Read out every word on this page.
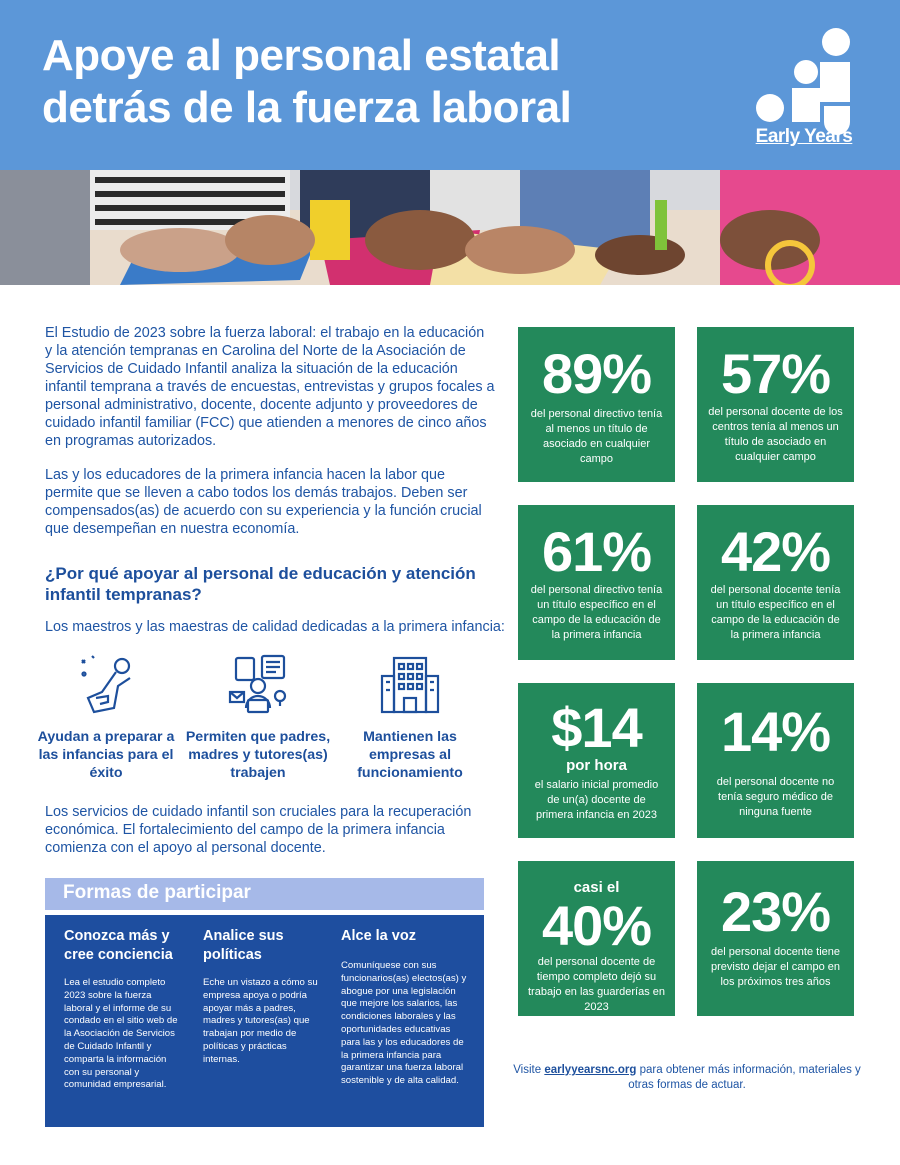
Apoye al personal estatal detrás de la fuerza laboral
Early Years

El Estudio de 2023 sobre la fuerza laboral: el trabajo en la educación y la atención tempranas en Carolina del Norte de la Asociación de Servicios de Cuidado Infantil analiza la situación de la educación infantil temprana a través de encuestas, entrevistas y grupos focales a personal administrativo, docente, docente adjunto y proveedores de cuidado infantil familiar (FCC) que atienden a menores de cinco años en programas autorizados.

Las y los educadores de la primera infancia hacen la labor que permite que se lleven a cabo todos los demás trabajos. Deben ser compensados(as) de acuerdo con su experiencia y la función crucial que desempeñan en nuestra economía.

¿Por qué apoyar al personal de educación y atención infantil tempranas?

Los maestros y las maestras de calidad dedicadas a la primera infancia:

Ayudan a preparar a las infancias para el éxito
Permiten que padres, madres y tutores(as) trabajen
Mantienen las empresas al funcionamiento

Los servicios de cuidado infantil son cruciales para la recuperación económica. El fortalecimiento del campo de la primera infancia comienza con el apoyo al personal docente.

Formas de participar
Conozca más y cree conciencia
Lea el estudio completo 2023 sobre la fuerza laboral y el informe de su condado en el sitio web de la Asociación de Servicios de Cuidado Infantil y comparta la información con su personal y comunidad empresarial.
Analice sus políticas
Eche un vistazo a cómo su empresa apoya o podría apoyar más a padres, madres y tutores(as) que trabajan por medio de políticas y prácticas internas.
Alce la voz
Comuníquese con sus funcionarios(as) electos(as) y abogue por una legislación que mejore los salarios, las condiciones laborales y las oportunidades educativas para las y los educadores de la primera infancia para garantizar una fuerza laboral sostenible y de alta calidad.
89%
del personal directivo tenía al menos un título de asociado en cualquier campo
57%
del personal docente de los centros tenía al menos un título de asociado en cualquier campo
61%
del personal directivo tenía un título específico en el campo de la educación de la primera infancia
42%
del personal docente tenía un título específico en el campo de la educación de la primera infancia
$14
por hora
el salario inicial promedio de un(a) docente de primera infancia en 2023
14%
del personal docente no tenía seguro médico de ninguna fuente
casi el
40%
del personal docente de tiempo completo dejó su trabajo en las guarderías en 2023
23%
del personal docente tiene previsto dejar el campo en los próximos tres años

Visite earlyyearsnc.org para obtener más información, materiales y otras formas de actuar.
